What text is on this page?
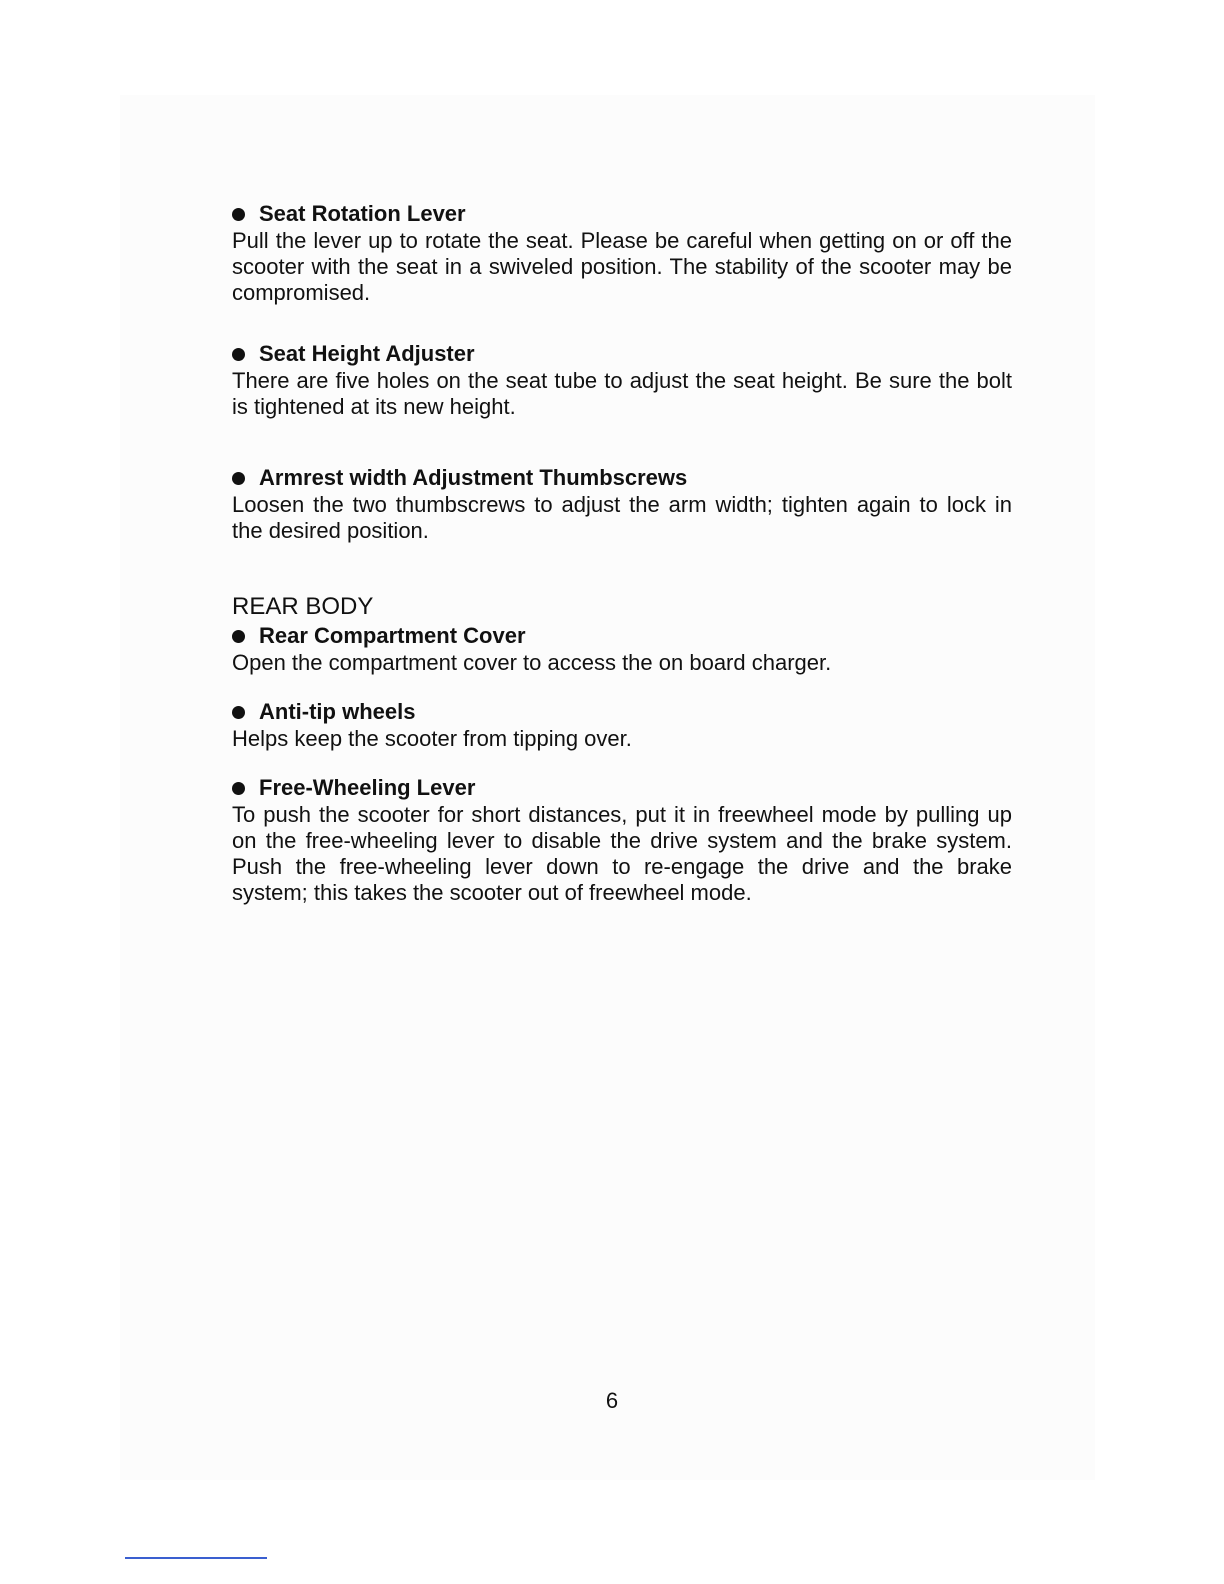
Seat Rotation Lever

Pull the lever up to rotate the seat. Please be careful when getting on or off the scooter with the seat in a swiveled position. The stability of the scooter may be compromised.

Seat Height Adjuster

There are five holes on the seat tube to adjust the seat height. Be sure the bolt is tightened at its new height.

Armrest width Adjustment Thumbscrews

Loosen the two thumbscrews to adjust the arm width; tighten again to lock in the desired position.

REAR BODY

Rear Compartment Cover

Open the compartment cover to access the on board charger.

Anti-tip wheels

Helps keep the scooter from tipping over.

Free-Wheeling Lever

To push the scooter for short distances, put it in freewheel mode by pulling up on the free-wheeling lever to disable the drive system and the brake system. Push the free-wheeling lever down to re-engage the drive and the brake system; this takes the scooter out of freewheel mode.

6
